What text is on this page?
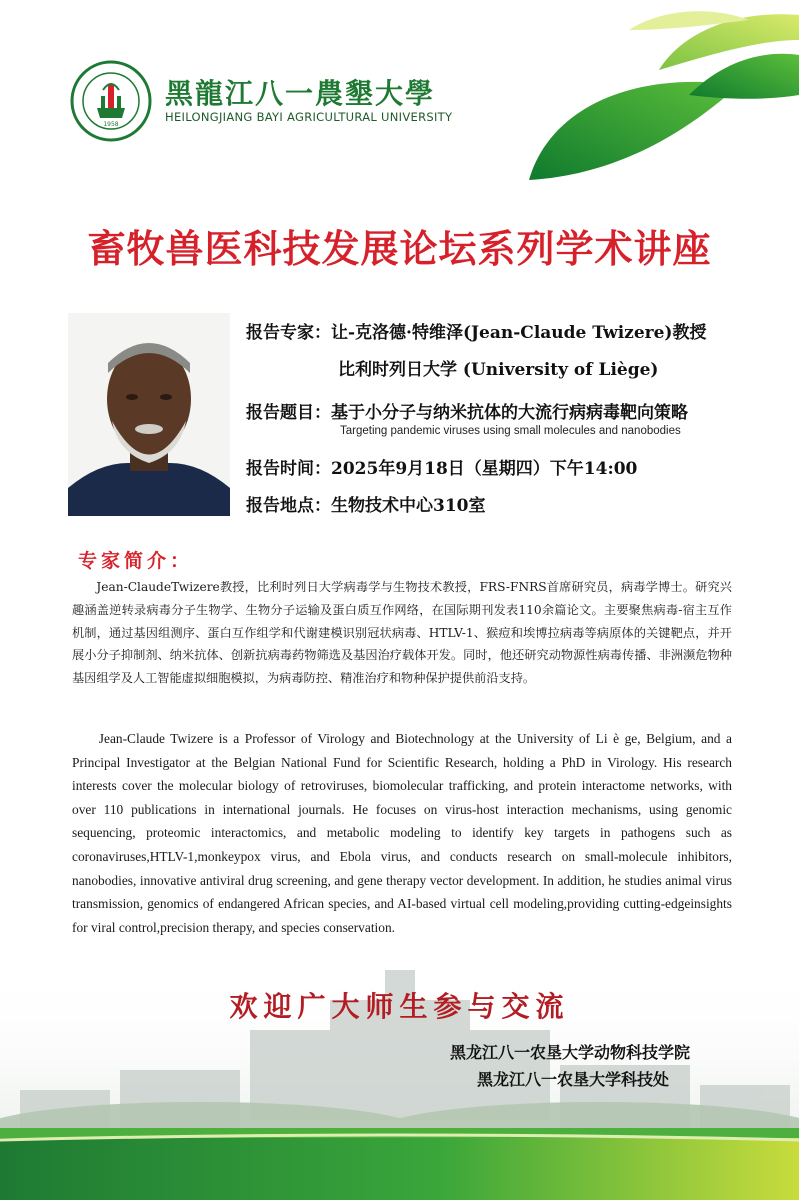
1958
黑龍江八一農墾大學
HEILONGJIANG BAYI AGRICULTURAL UNIVERSITY
畜牧兽医科技发展论坛系列学术讲座
报告专家：让-克洛德·特维泽(Jean-Claude Twizere)教授
比利时列日大学 (University of Liège)
报告题目：基于小分子与纳米抗体的大流行病病毒靶向策略
Targeting pandemic viruses using small molecules and nanobodies
报告时间：2025年9月18日（星期四）下午14:00
报告地点：生物技术中心310室
专家简介：
Jean-ClaudeTwizere教授，比利时列日大学病毒学与生物技术教授，FRS-FNRS首席研究员，病毒学博士。研究兴趣涵盖逆转录病毒分子生物学、生物分子运输及蛋白质互作网络，在国际期刊发表110余篇论文。主要聚焦病毒-宿主互作机制，通过基因组测序、蛋白互作组学和代谢建模识别冠状病毒、HTLV-1、猴痘和埃博拉病毒等病原体的关键靶点，并开展小分子抑制剂、纳米抗体、创新抗病毒药物筛选及基因治疗载体开发。同时，他还研究动物源性病毒传播、非洲濒危物种基因组学及人工智能虚拟细胞模拟，为病毒防控、精准治疗和物种保护提供前沿支持。
Jean-Claude Twizere is a Professor of Virology and Biotechnology at the University of Li è ge, Belgium, and a Principal Investigator at the Belgian National Fund for Scientific Research, holding a PhD in Virology. His research interests cover the molecular biology of retroviruses, biomolecular trafficking, and protein interactome networks, with over 110 publications in international journals. He focuses on virus-host interaction mechanisms, using genomic sequencing, proteomic interactomics, and metabolic modeling to identify key targets in pathogens such as coronaviruses,HTLV-1,monkeypox virus, and Ebola virus, and conducts research on small-molecule inhibitors, nanobodies, innovative antiviral drug screening, and gene therapy vector development. In addition, he studies animal virus transmission, genomics of endangered African species, and AI-based virtual cell modeling,providing cutting-edgeinsights for viral control,precision therapy, and species conservation.
欢迎广大师生参与交流
黑龙江八一农垦大学动物科技学院
黑龙江八一农垦大学科技处
